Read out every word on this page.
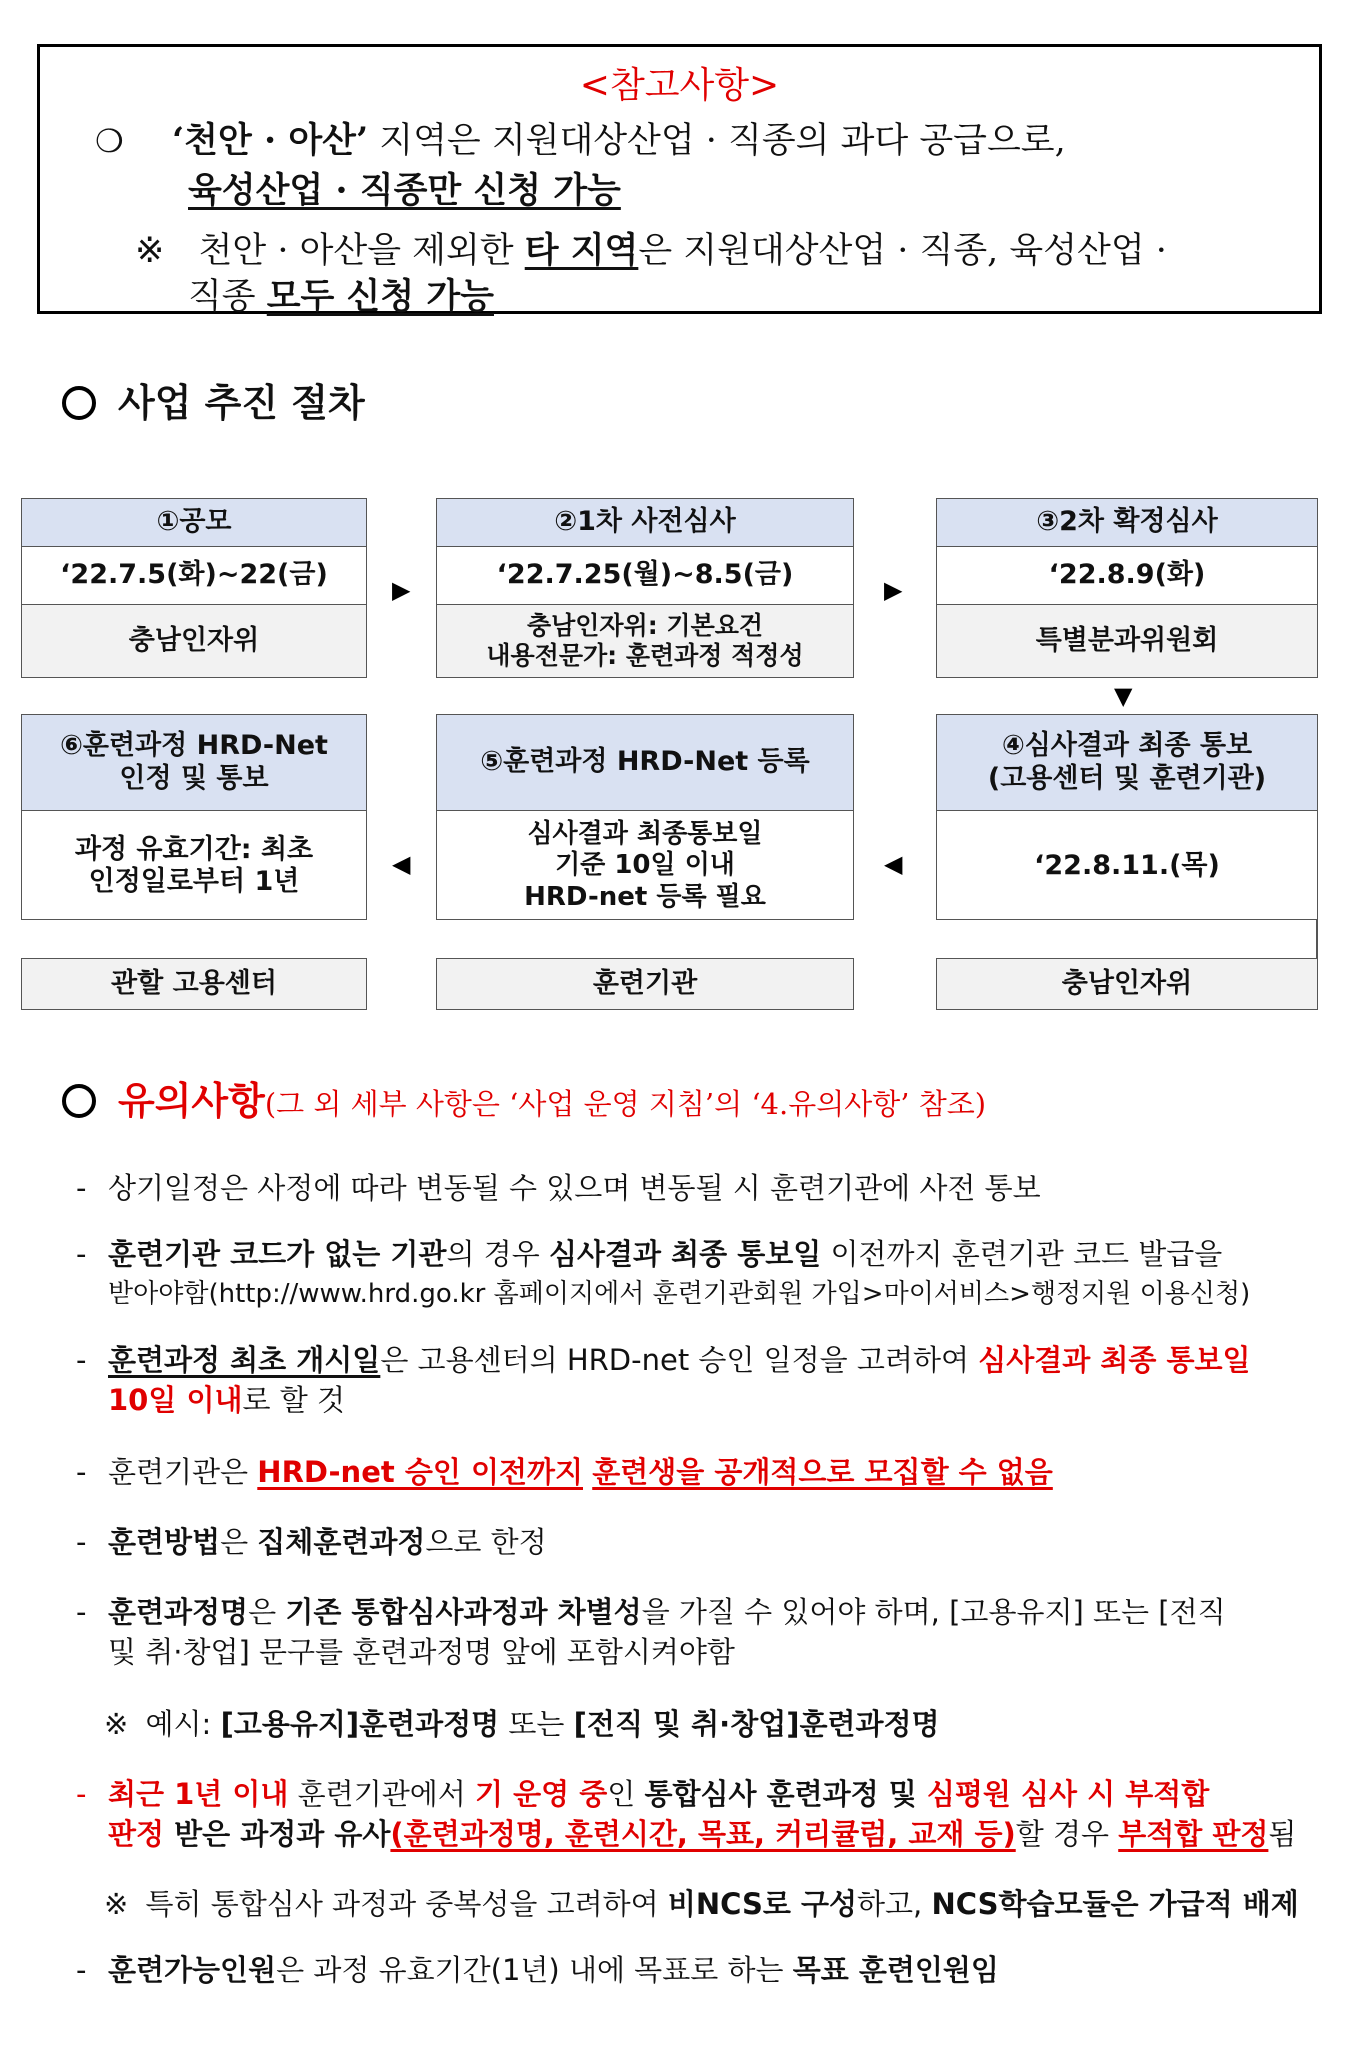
<참고사항>
❍ ‘천안 · 아산’ 지역은 지원대상산업 · 직종의 과다 공급으로,
육성산업 · 직종만 신청 가능
※ 천안 · 아산을 제외한 타 지역은 지원대상산업 · 직종, 육성산업 ·
직종 모두 신청 가능
사업 추진 절차
①공모
‘22.7.5(화)~22(금)
충남인자위
▶
②1차 사전심사
‘22.7.25(월)~8.5(금)
충남인자위: 기본요건
내용전문가: 훈련과정 적정성
▶
③2차 확정심사
‘22.8.9(화)
특별분과위원회
▼
⑥훈련과정 HRD-Net
인정 및 통보
과정 유효기간: 최초
인정일로부터 1년
◀
⑤훈련과정 HRD-Net 등록
심사결과 최종통보일
기준 10일 이내
HRD-net 등록 필요
◀
④심사결과 최종 통보
(고용센터 및 훈련기관)
‘22.8.11.(목)
관할 고용센터	훈련기관	충남인자위
유의사항(그 외 세부 사항은 ‘사업 운영 지침’의 ‘4.유의사항’ 참조)
- 상기일정은 사정에 따라 변동될 수 있으며 변동될 시 훈련기관에 사전 통보
- 훈련기관 코드가 없는 기관의 경우 심사결과 최종 통보일 이전까지 훈련기관 코드 발급을
받아야함(http://www.hrd.go.kr 홈페이지에서 훈련기관회원 가입>마이서비스>행정지원 이용신청)
- 훈련과정 최초 개시일은 고용센터의 HRD-net 승인 일정을 고려하여 심사결과 최종 통보일
10일 이내로 할 것
- 훈련기관은 HRD-net 승인 이전까지 훈련생을 공개적으로 모집할 수 없음
- 훈련방법은 집체훈련과정으로 한정
- 훈련과정명은 기존 통합심사과정과 차별성을 가질 수 있어야 하며, [고용유지] 또는 [전직
및 취·창업] 문구를 훈련과정명 앞에 포함시켜야함
※ 예시: [고용유지]훈련과정명 또는 [전직 및 취·창업]훈련과정명
- 최근 1년 이내 훈련기관에서 기 운영 중인 통합심사 훈련과정 및 심평원 심사 시 부적합
판정 받은 과정과 유사(훈련과정명, 훈련시간, 목표, 커리큘럼, 교재 등)할 경우 부적합 판정됨
※ 특히 통합심사 과정과 중복성을 고려하여 비NCS로 구성하고, NCS학습모듈은 가급적 배제
- 훈련가능인원은 과정 유효기간(1년) 내에 목표로 하는 목표 훈련인원임
